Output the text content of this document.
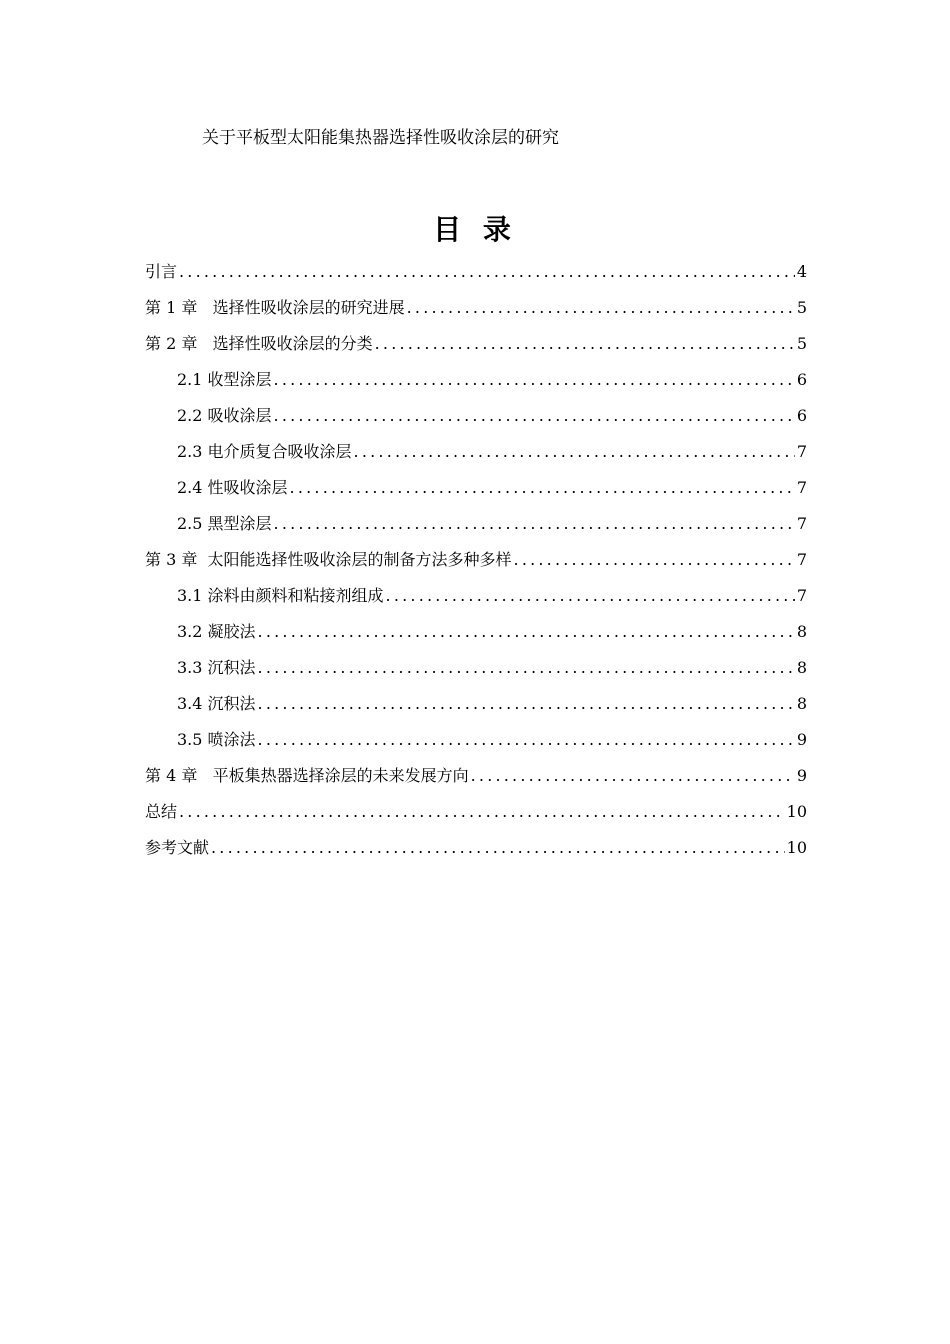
关于平板型太阳能集热器选择性吸收涂层的研究
目 录
引言 .....	4
第 1 章   选择性吸收涂层的研究进展 .....	5
第 2 章   选择性吸收涂层的分类 .....	5
2.1 收型涂层 .....	6
2.2 吸收涂层 .....	6
2.3 电介质复合吸收涂层 .....	7
2.4 性吸收涂层 .....	7
2.5 黑型涂层 .....	7
第 3 章  太阳能选择性吸收涂层的制备方法多种多样 .....	7
3.1 涂料由颜料和粘接剂组成 .....	7
3.2 凝胶法 .....	8
3.3 沉积法 .....	8
3.4 沉积法 .....	8
3.5 喷涂法 .....	9
第 4 章   平板集热器选择涂层的未来发展方向 .....	9
总结 .....	10
参考文献 .....	10
